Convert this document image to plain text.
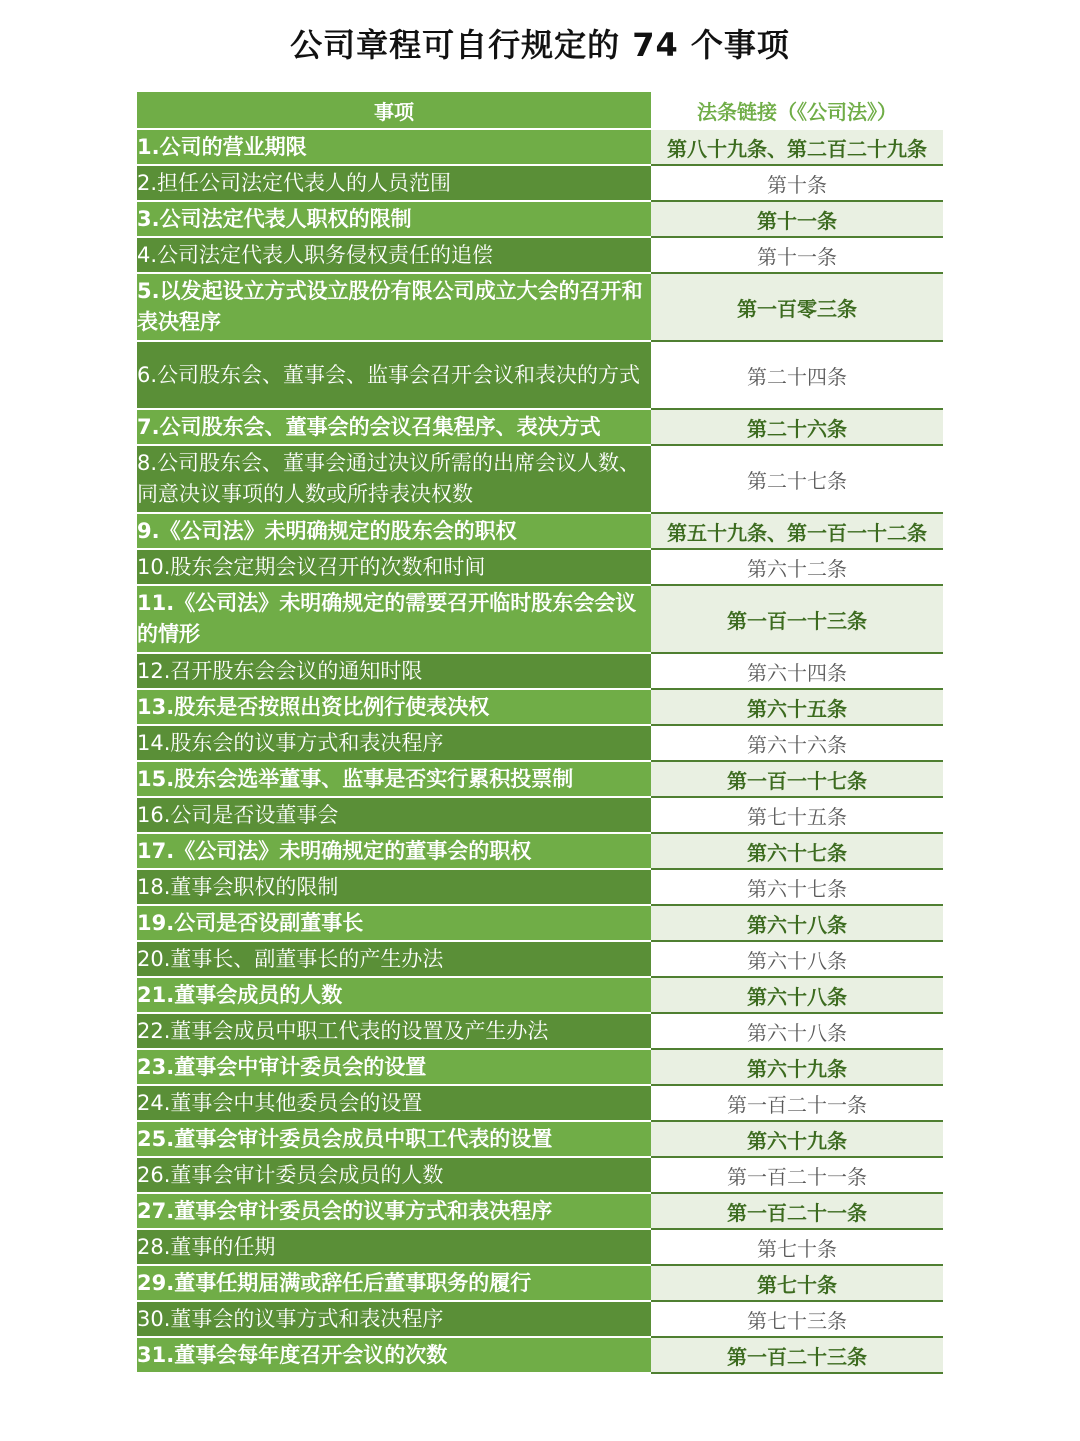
公司章程可自行规定的 74 个事项
事项	法条链接（《公司法》）
1.公司的营业期限	第八十九条、第二百二十九条
2.担任公司法定代表人的人员范围	第十条
3.公司法定代表人职权的限制	第十一条
4.公司法定代表人职务侵权责任的追偿	第十一条
5.以发起设立方式设立股份有限公司成立大会的召开和表决程序	第一百零三条
6.公司股东会、董事会、监事会召开会议和表决的方式	第二十四条
7.公司股东会、董事会的会议召集程序、表决方式	第二十六条
8.公司股东会、董事会通过决议所需的出席会议人数、同意决议事项的人数或所持表决权数	第二十七条
9.《公司法》未明确规定的股东会的职权	第五十九条、第一百一十二条
10.股东会定期会议召开的次数和时间	第六十二条
11.《公司法》未明确规定的需要召开临时股东会会议的情形	第一百一十三条
12.召开股东会会议的通知时限	第六十四条
13.股东是否按照出资比例行使表决权	第六十五条
14.股东会的议事方式和表决程序	第六十六条
15.股东会选举董事、监事是否实行累积投票制	第一百一十七条
16.公司是否设董事会	第七十五条
17.《公司法》未明确规定的董事会的职权	第六十七条
18.董事会职权的限制	第六十七条
19.公司是否设副董事长	第六十八条
20.董事长、副董事长的产生办法	第六十八条
21.董事会成员的人数	第六十八条
22.董事会成员中职工代表的设置及产生办法	第六十八条
23.董事会中审计委员会的设置	第六十九条
24.董事会中其他委员会的设置	第一百二十一条
25.董事会审计委员会成员中职工代表的设置	第六十九条
26.董事会审计委员会成员的人数	第一百二十一条
27.董事会审计委员会的议事方式和表决程序	第一百二十一条
28.董事的任期	第七十条
29.董事任期届满或辞任后董事职务的履行	第七十条
30.董事会的议事方式和表决程序	第七十三条
31.董事会每年度召开会议的次数	第一百二十三条
